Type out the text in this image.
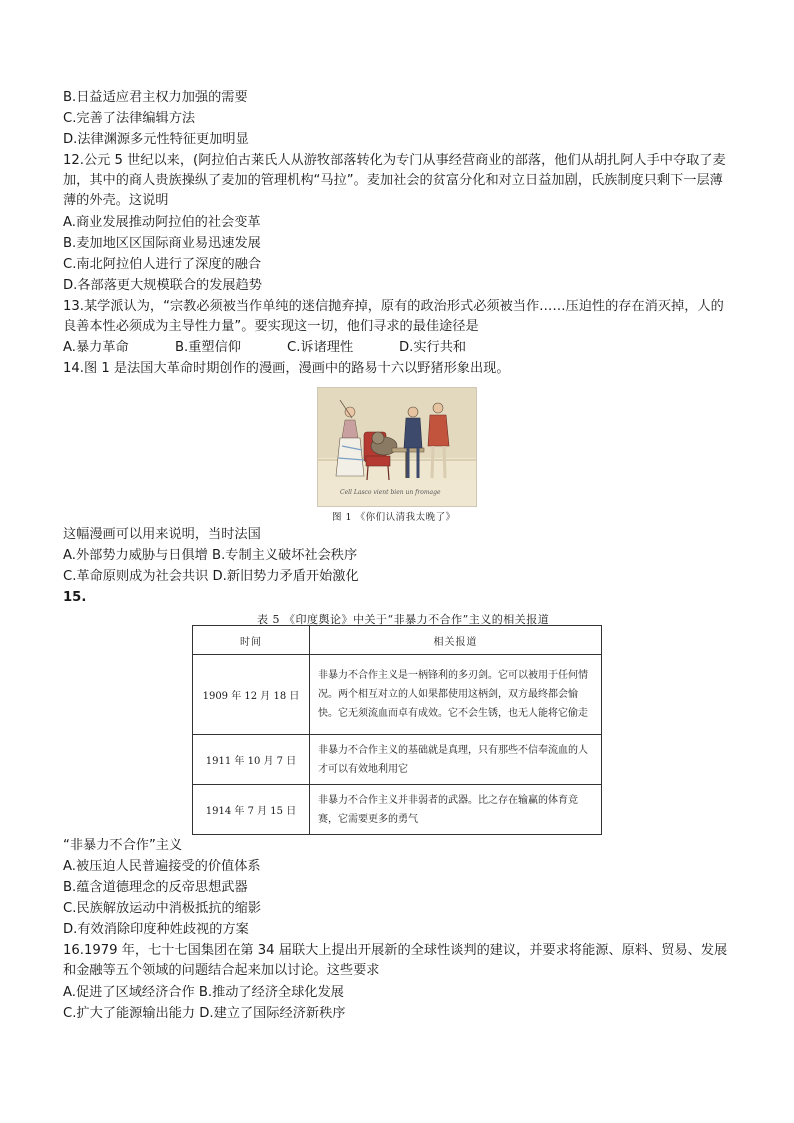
B.日益适应君主权力加强的需要
C.完善了法律编辑方法
D.法律渊源多元性特征更加明显
12.公元 5 世纪以来，(阿拉伯古莱氏人从游牧部落转化为专门从事经营商业的部落，他们从胡扎阿人手中夺取了麦加，其中的商人贵族操纵了麦加的管理机构“马拉”。麦加社会的贫富分化和对立日益加剧，氏族制度只剩下一层薄薄的外壳。这说明
A.商业发展推动阿拉伯的社会变革
B.麦加地区区国际商业易迅速发展
C.南北阿拉伯人进行了深度的融合
D.各部落更大规模联合的发展趋势
13.某学派认为，“宗教必须被当作单纯的迷信抛弃掉，原有的政治形式必须被当作……压迫性的存在消灭掉，人的良善本性必须成为主导性力量”。要实现这一切，他们寻求的最佳途径是
A.暴力革命	B.重塑信仰	C.诉诸理性	D.实行共和
14.图 1 是法国大革命时期创作的漫画，漫画中的路易十六以野猪形象出现。
Cell Lasco vient bien un fromage
图 1 《你们认清我太晚了》
这幅漫画可以用来说明，当时法国
A.外部势力威胁与日俱增 B.专制主义破坏社会秩序
C.革命原则成为社会共识 D.新旧势力矛盾开始激化
15.
表 5 《印度舆论》中关于“非暴力不合作”主义的相关报道
时间	相关报道
1909 年 12 月 18 日	非暴力不合作主义是一柄锋利的多刃剑。它可以被用于任何情况。两个相互对立的人如果都使用这柄剑，双方最终都会愉快。它无须流血而卓有成效。它不会生锈，也无人能将它偷走
1911 年 10 月 7 日	非暴力不合作主义的基础就是真理，只有那些不信奉流血的人才可以有效地利用它
1914 年 7 月 15 日	非暴力不合作主义并非弱者的武器。比之存在输赢的体育竞赛，它需要更多的勇气
“非暴力不合作”主义
A.被压迫人民普遍接受的价值体系
B.蕴含道德理念的反帝思想武器
C.民族解放运动中消极抵抗的缩影
D.有效消除印度种姓歧视的方案
16.1979 年，七十七国集团在第 34 届联大上提出开展新的全球性谈判的建议，并要求将能源、原料、贸易、发展和金融等五个领域的问题结合起来加以讨论。这些要求
A.促进了区域经济合作 B.推动了经济全球化发展
C.扩大了能源输出能力 D.建立了国际经济新秩序
